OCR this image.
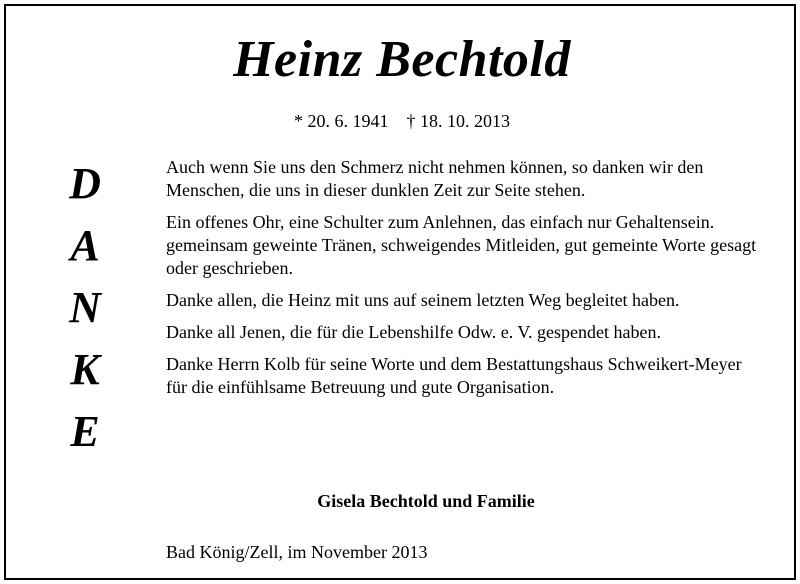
Heinz Bechtold
* 20. 6. 1941 † 18. 10. 2013
D
A
N
K
E

Auch wenn Sie uns den Schmerz nicht nehmen können, so danken wir den Menschen, die uns in dieser dunklen Zeit zur Seite stehen.

Ein offenes Ohr, eine Schulter zum Anlehnen, das einfach nur Gehaltensein. gemeinsam geweinte Tränen, schweigendes Mitleiden, gut gemeinte Worte gesagt oder geschrieben.

Danke allen, die Heinz mit uns auf seinem letzten Weg begleitet haben.

Danke all Jenen, die für die Lebenshilfe Odw. e. V. gespendet haben.

Danke Herrn Kolb für seine Worte und dem Bestattungshaus Schweikert-Meyer für die einfühlsame Betreuung und gute Organisation.

Gisela Bechtold und Familie
Bad König/Zell, im November 2013
